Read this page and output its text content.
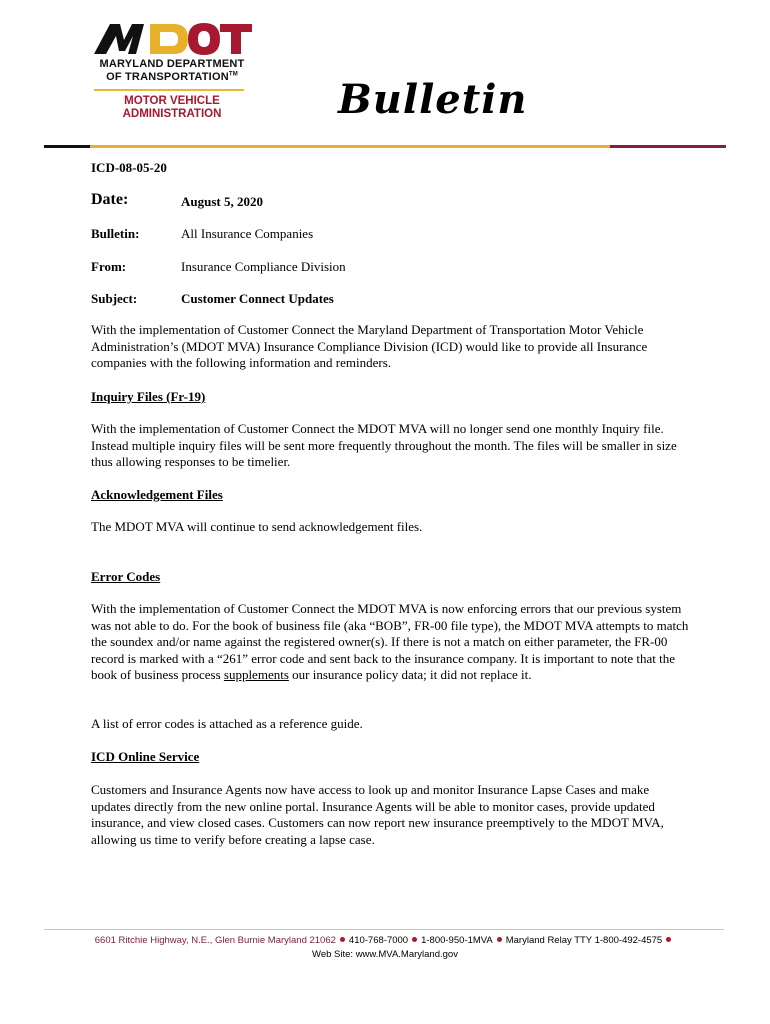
MARYLAND DEPARTMENT
OF TRANSPORTATION™
MOTOR VEHICLE
ADMINISTRATION	Bulletin
ICD-08-05-20
Date:	August 5, 2020
Bulletin:	All Insurance Companies
From:	Insurance Compliance Division
Subject:	Customer Connect Updates
With the implementation of Customer Connect the Maryland Department of Transportation Motor Vehicle Administration’s (MDOT MVA) Insurance Compliance Division (ICD) would like to provide all Insurance companies with the following information and reminders.
Inquiry Files (Fr-19)
With the implementation of Customer Connect the MDOT MVA will no longer send one monthly Inquiry file. Instead multiple inquiry files will be sent more frequently throughout the month. The files will be smaller in size thus allowing responses to be timelier.
Acknowledgement Files
The MDOT MVA will continue to send acknowledgement files.
Error Codes
With the implementation of Customer Connect the MDOT MVA is now enforcing errors that our previous system was not able to do. For the book of business file (aka “BOB”, FR-00 file type), the MDOT MVA attempts to match the soundex and/or name against the registered owner(s). If there is not a match on either parameter, the FR-00 record is marked with a “261” error code and sent back to the insurance company. It is important to note that the book of business process supplements our insurance policy data; it did not replace it.
A list of error codes is attached as a reference guide.
ICD Online Service
Customers and Insurance Agents now have access to look up and monitor Insurance Lapse Cases and make updates directly from the new online portal. Insurance Agents will be able to monitor cases, provide updated insurance, and view closed cases. Customers can now report new insurance preemptively to the MDOT MVA, allowing us time to verify before creating a lapse case.
6601 Ritchie Highway, N.E., Glen Burnie Maryland 21062 410-768-7000 1-800-950-1MVA Maryland Relay TTY 1-800-492-4575
Web Site: www.MVA.Maryland.gov
